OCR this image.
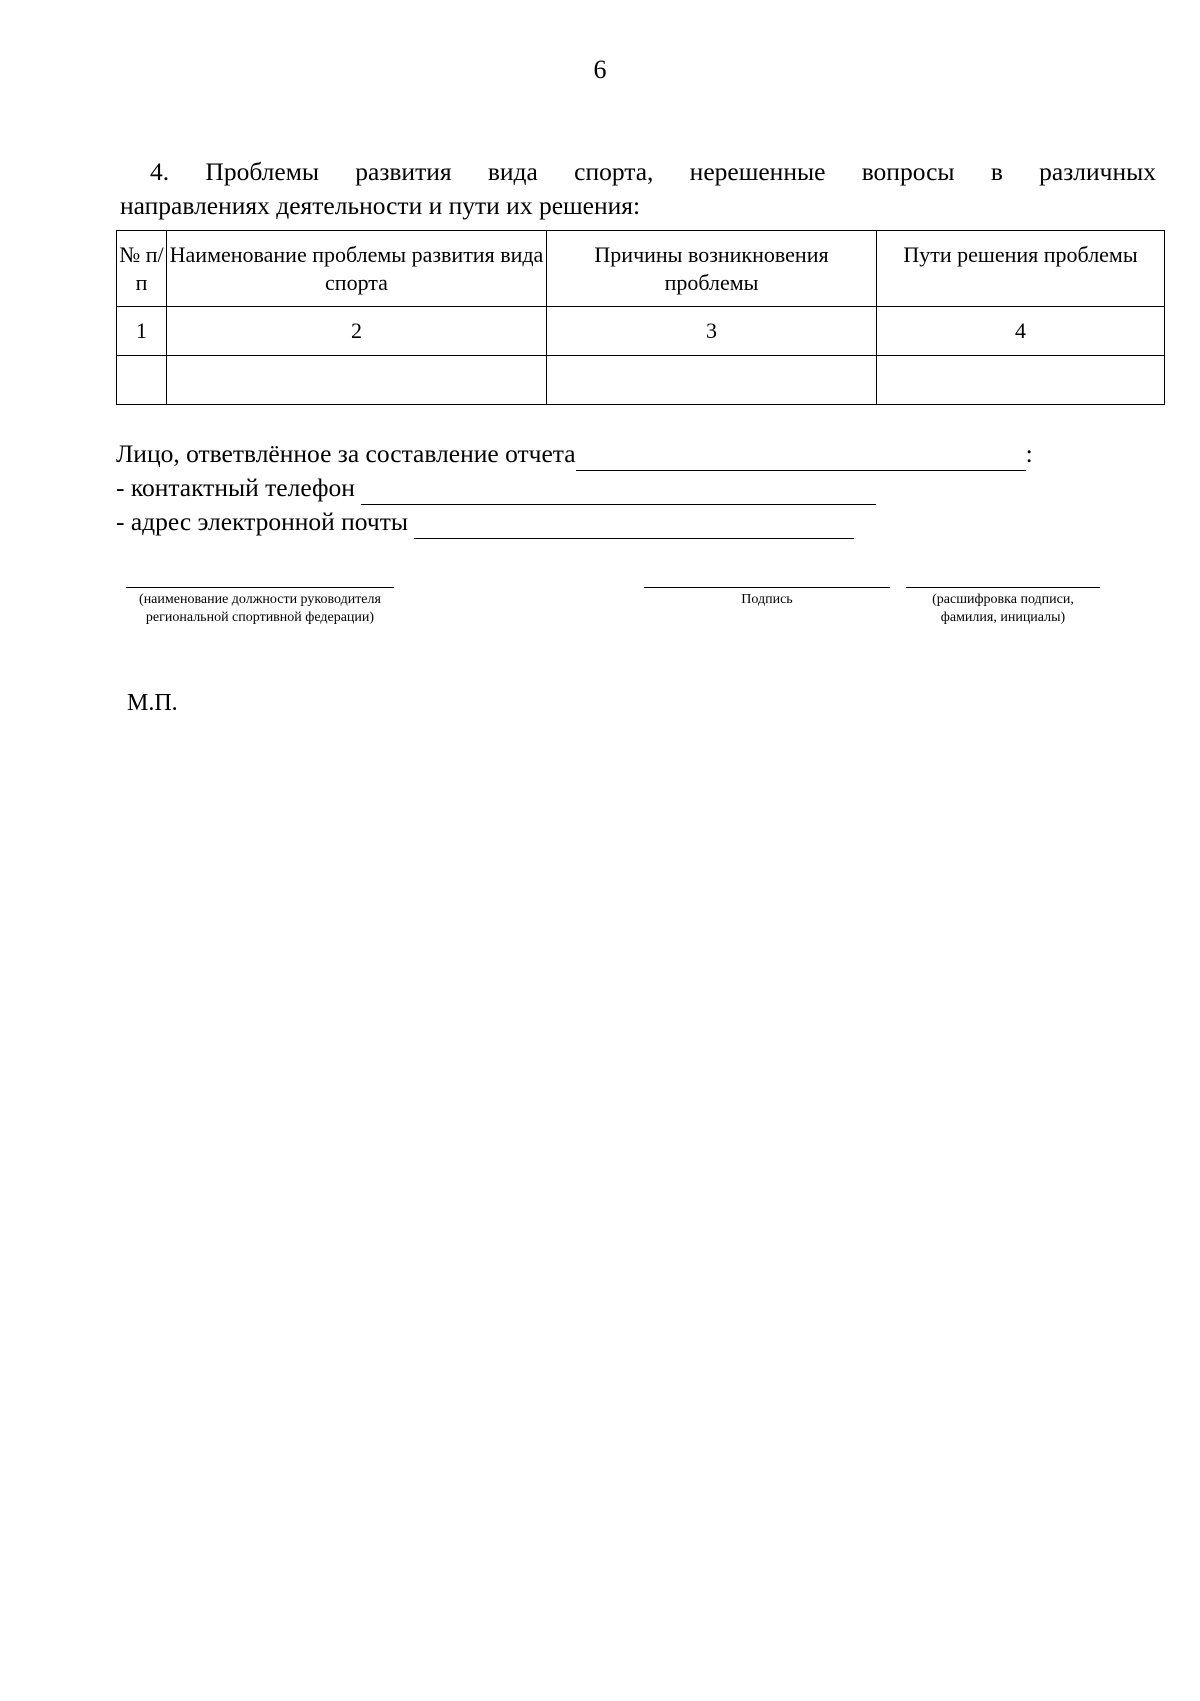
6
4. Проблемы развития вида спорта, нерешенные вопросы в различных
направлениях деятельности и пути их решения:
№ п/п	Наименование проблемы развития вида спорта	Причины возникновения проблемы	Пути решения проблемы
1	2	3	4

Лицо, ответвлённое за составление отчета	:
- контактный телефон
- адрес электронной почты
(наименование должности руководителя региональной спортивной федерации)
Подпись	(расшифровка подписи, фамилия, инициалы)
М.П.
